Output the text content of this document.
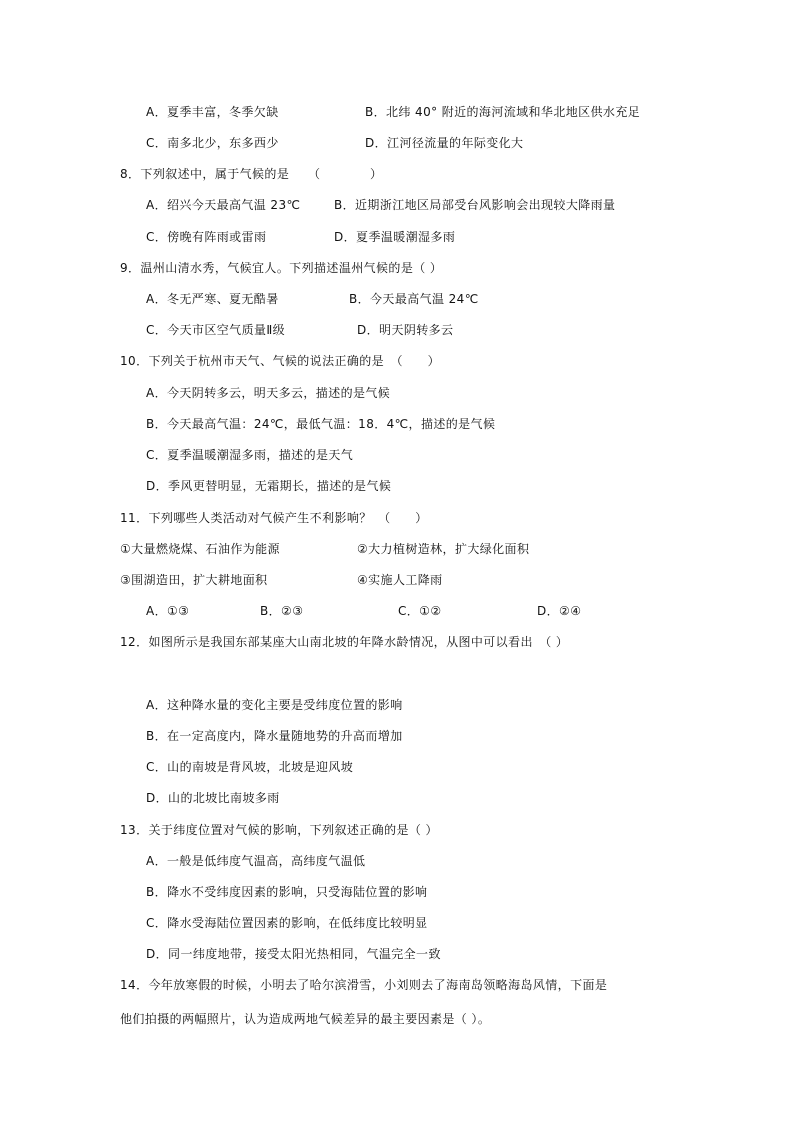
A．夏季丰富，冬季欠缺	B．北纬 40° 附近的海河流域和华北地区供水充足
C．南多北少，东多西少	D．江河径流量的年际变化大
8．下列叙述中，属于气候的是　　（　　　　）
A．绍兴今天最高气温 23℃	B．近期浙江地区局部受台风影响会出现较大降雨量
C．傍晚有阵雨或雷雨	D．夏季温暖潮湿多雨
9．温州山清水秀，气候宜人。下列描述温州气候的是（ ）
A．冬无严寒、夏无酷暑	B．今天最高气温 24℃
C．今天市区空气质量Ⅱ级	D．明天阴转多云
10．下列关于杭州市天气、气候的说法正确的是　（　　）
A．今天阴转多云，明天多云，描述的是气候
B．今天最高气温：24℃，最低气温：18．4℃，描述的是气候
C．夏季温暖潮湿多雨，描述的是天气
D．季风更替明显，无霜期长，描述的是气候
11．下列哪些人类活动对气候产生不利影响？　（　　）
①大量燃烧煤、石油作为能源	②大力植树造林，扩大绿化面积
③围湖造田，扩大耕地面积	④实施人工降雨
A．①③	B．②③	C．①②	D．②④
12．如图所示是我国东部某座大山南北坡的年降水龄情况，从图中可以看出　（ ）
A．这种降水量的变化主要是受纬度位置的影响
B．在一定高度内，降水量随地势的升高而增加
C．山的南坡是背风坡，北坡是迎风坡
D．山的北坡比南坡多雨
13．关于纬度位置对气候的影响，下列叙述正确的是（ ）
A．一般是低纬度气温高，高纬度气温低
B．降水不受纬度因素的影响，只受海陆位置的影响
C．降水受海陆位置因素的影响，在低纬度比较明显
D．同一纬度地带，接受太阳光热相同，气温完全一致
14．今年放寒假的时候，小明去了哈尔滨滑雪，小刘则去了海南岛领略海岛风情，下面是
他们拍摄的两幅照片，认为造成两地气候差异的最主要因素是（ ）。
